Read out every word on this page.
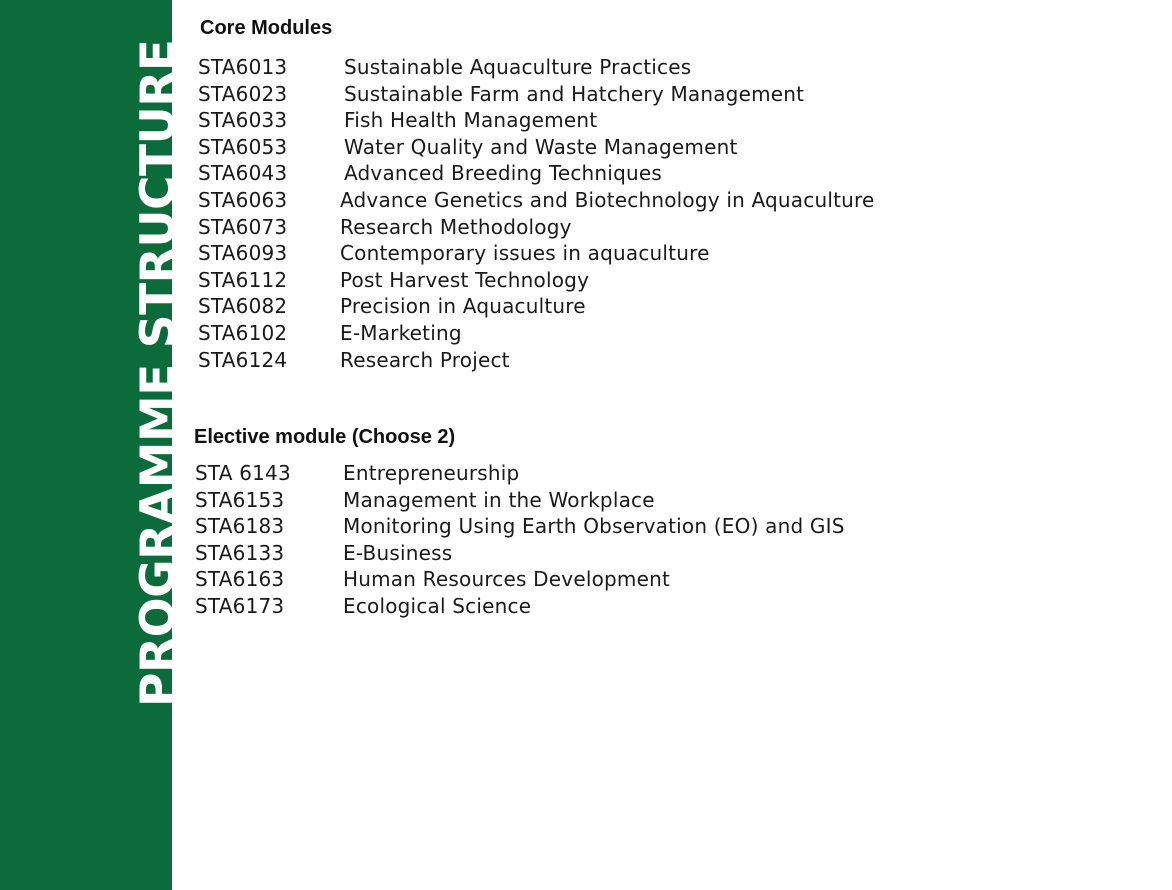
PROGRAMME STRUCTURE
Core Modules
STA6013	Sustainable Aquaculture Practices
STA6023	Sustainable Farm and Hatchery Management
STA6033	Fish Health Management
STA6053	Water Quality and Waste Management
STA6043	Advanced Breeding Techniques
STA6063	Advance Genetics and Biotechnology in Aquaculture
STA6073	Research Methodology
STA6093	Contemporary issues in aquaculture
STA6112	Post Harvest Technology
STA6082	Precision in Aquaculture
STA6102	E-Marketing
STA6124	Research Project
Elective module (Choose 2)
STA 6143	Entrepreneurship
STA6153	Management in the Workplace
STA6183	Monitoring Using Earth Observation (EO) and GIS
STA6133	E-Business
STA6163	Human Resources Development
STA6173	Ecological Science
